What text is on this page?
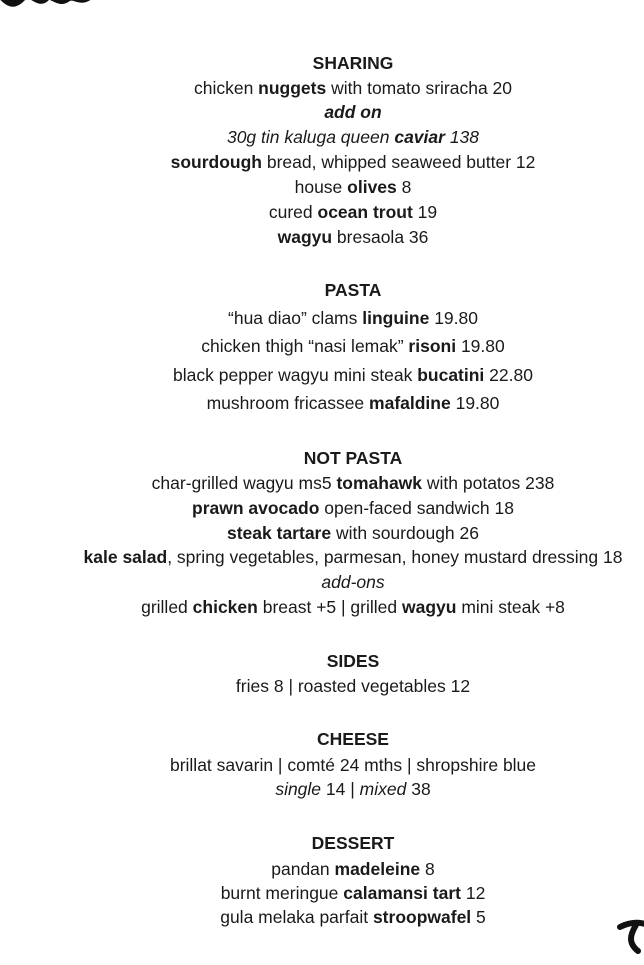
SHARING
chicken nuggets with tomato sriracha 20
add on
30g tin kaluga queen caviar 138
sourdough bread, whipped seaweed butter 12
house olives 8
cured ocean trout 19
wagyu bresaola 36
PASTA
“hua diao” clams linguine 19.80
chicken thigh “nasi lemak” risoni 19.80
black pepper wagyu mini steak bucatini 22.80
mushroom fricassee mafaldine 19.80
NOT PASTA
char-grilled wagyu ms5 tomahawk with potatos 238
prawn avocado open-faced sandwich 18
steak tartare with sourdough 26
kale salad, spring vegetables, parmesan, honey mustard dressing 18
add-ons
grilled chicken breast +5 | grilled wagyu mini steak +8
SIDES
fries 8 | roasted vegetables 12
CHEESE
brillat savarin | comté 24 mths | shropshire blue
single 14 | mixed 38
DESSERT
pandan madeleine 8
burnt meringue calamansi tart 12
gula melaka parfait stroopwafel 5
